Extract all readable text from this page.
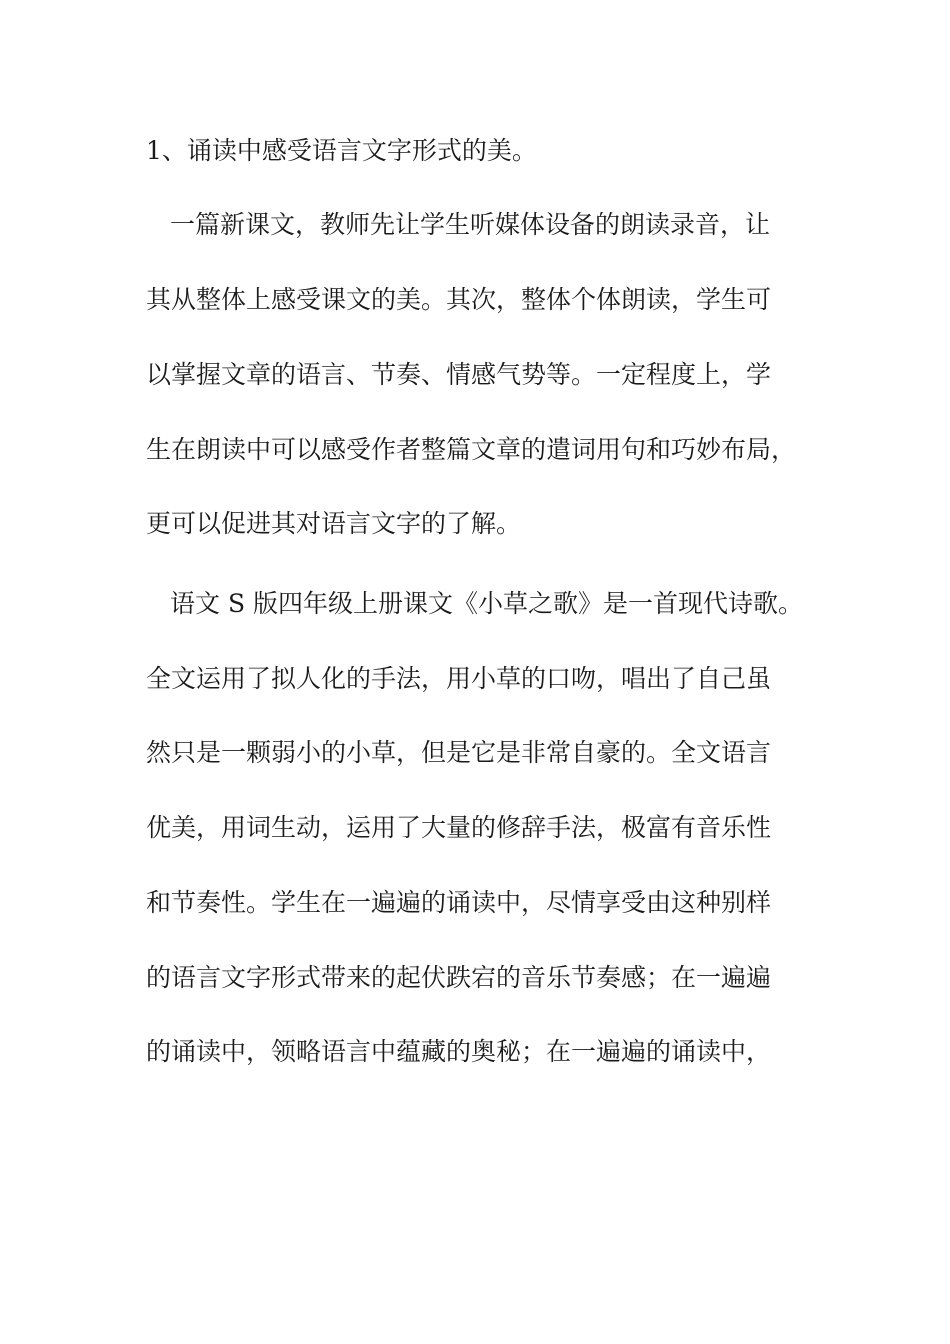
1、诵读中感受语言文字形式的美。
一篇新课文，教师先让学生听媒体设备的朗读录音，让
其从整体上感受课文的美。其次，整体个体朗读，学生可
以掌握文章的语言、节奏、情感气势等。一定程度上，学
生在朗读中可以感受作者整篇文章的遣词用句和巧妙布局，
更可以促进其对语言文字的了解。
语文 S 版四年级上册课文《小草之歌》是一首现代诗歌。
全文运用了拟人化的手法，用小草的口吻，唱出了自己虽
然只是一颗弱小的小草，但是它是非常自豪的。全文语言
优美，用词生动，运用了大量的修辞手法，极富有音乐性
和节奏性。学生在一遍遍的诵读中，尽情享受由这种别样
的语言文字形式带来的起伏跌宕的音乐节奏感；在一遍遍
的诵读中，领略语言中蕴藏的奥秘；在一遍遍的诵读中，
